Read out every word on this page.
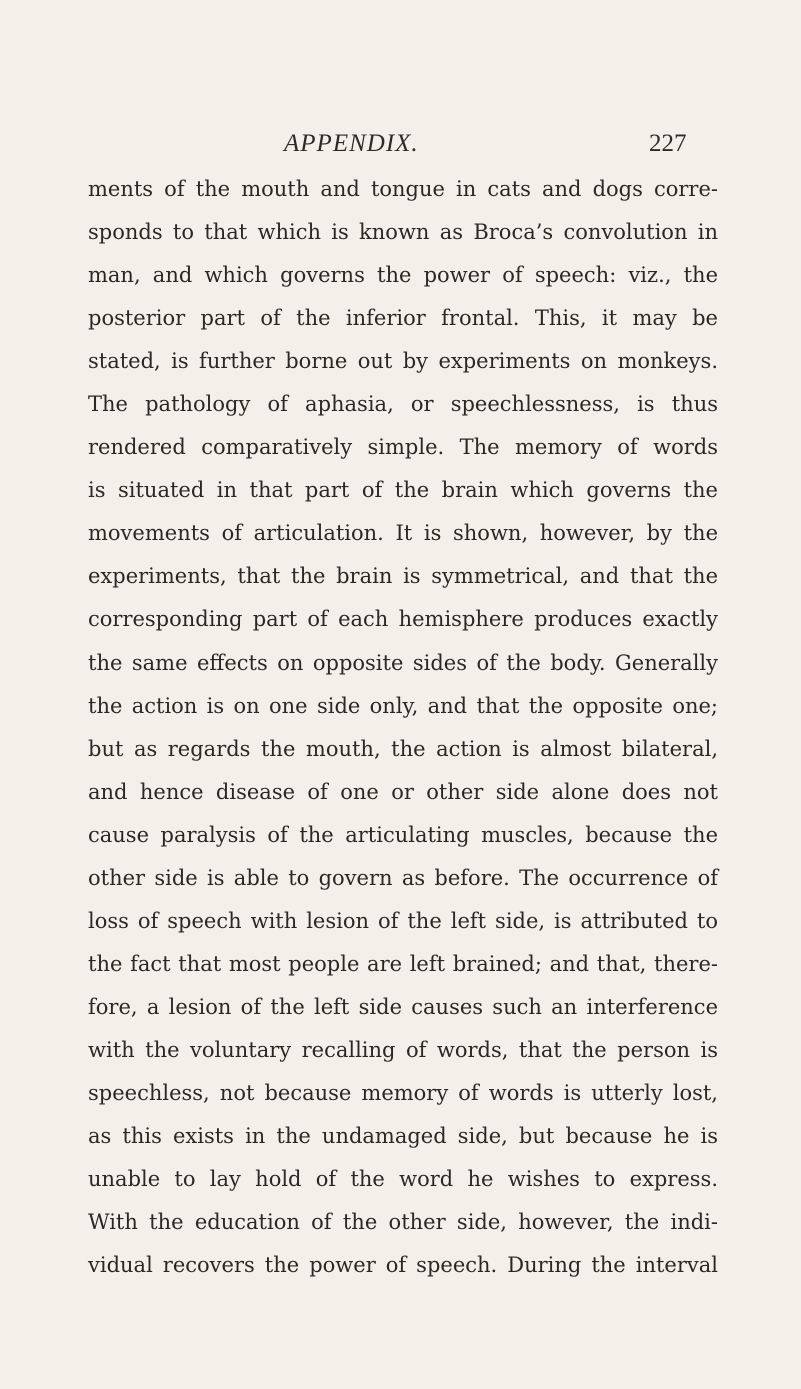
APPENDIX.	227
ments of the mouth and tongue in cats and dogs corre-
sponds to that which is known as Broca’s convolution in
man, and which governs the power of speech: viz., the
posterior part of the inferior frontal. This, it may be
stated, is further borne out by experiments on monkeys.
The pathology of aphasia, or speechlessness, is thus
rendered comparatively simple. The memory of words
is situated in that part of the brain which governs the
movements of articulation. It is shown, however, by the
experiments, that the brain is symmetrical, and that the
corresponding part of each hemisphere produces exactly
the same effects on opposite sides of the body. Generally
the action is on one side only, and that the opposite one;
but as regards the mouth, the action is almost bilateral,
and hence disease of one or other side alone does not
cause paralysis of the articulating muscles, because the
other side is able to govern as before. The occurrence of
loss of speech with lesion of the left side, is attributed to
the fact that most people are left brained; and that, there-
fore, a lesion of the left side causes such an interference
with the voluntary recalling of words, that the person is
speechless, not because memory of words is utterly lost,
as this exists in the undamaged side, but because he is
unable to lay hold of the word he wishes to express.
With the education of the other side, however, the indi-
vidual recovers the power of speech. During the interval
